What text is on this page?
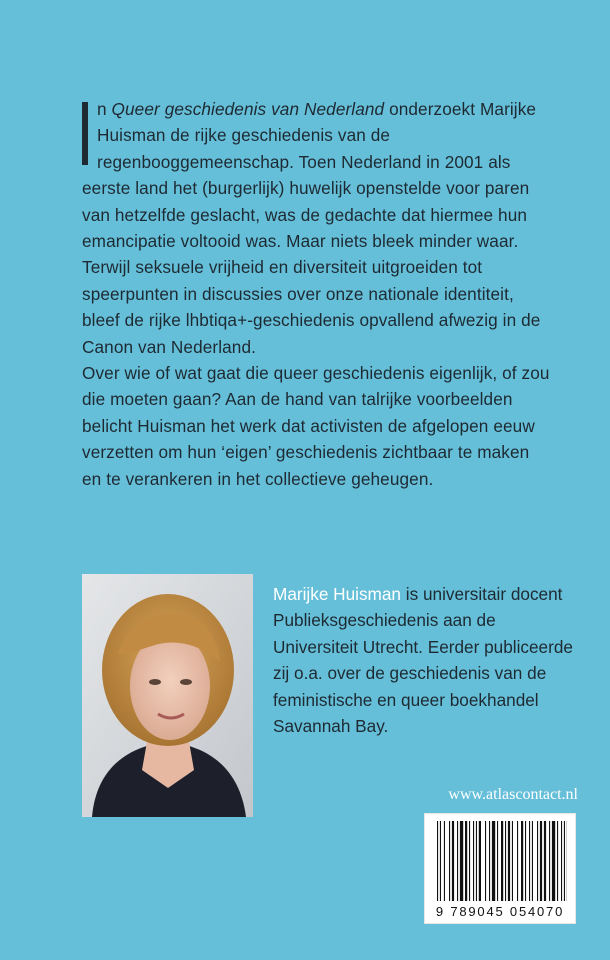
n Queer geschiedenis van Nederland onderzoekt Marijke Huisman de rijke geschiedenis van de regenbooggemeenschap. Toen Nederland in 2001 als eerste land het (burgerlijk) huwelijk openstelde voor paren van hetzelfde geslacht, was de gedachte dat hiermee hun emancipatie voltooid was. Maar niets bleek minder waar. Terwijl seksuele vrijheid en diversiteit uitgroeiden tot speerpunten in discussies over onze nationale identiteit, bleef de rijke lhbtiqa+-geschiedenis opvallend afwezig in de Canon van Nederland.

Over wie of wat gaat die queer geschiedenis eigenlijk, of zou die moeten gaan? Aan de hand van talrijke voorbeelden belicht Huisman het werk dat activisten de afgelopen eeuw verzetten om hun ‘eigen’ geschiedenis zichtbaar te maken en te verankeren in het collectieve geheugen.

Marijke Huisman is universitair docent Publieksgeschiedenis aan de Universiteit Utrecht. Eerder publiceerde zij o.a. over de geschiedenis van de feministische en queer boekhandel Savannah Bay.

www.atlascontact.nl
9 789045 054070
